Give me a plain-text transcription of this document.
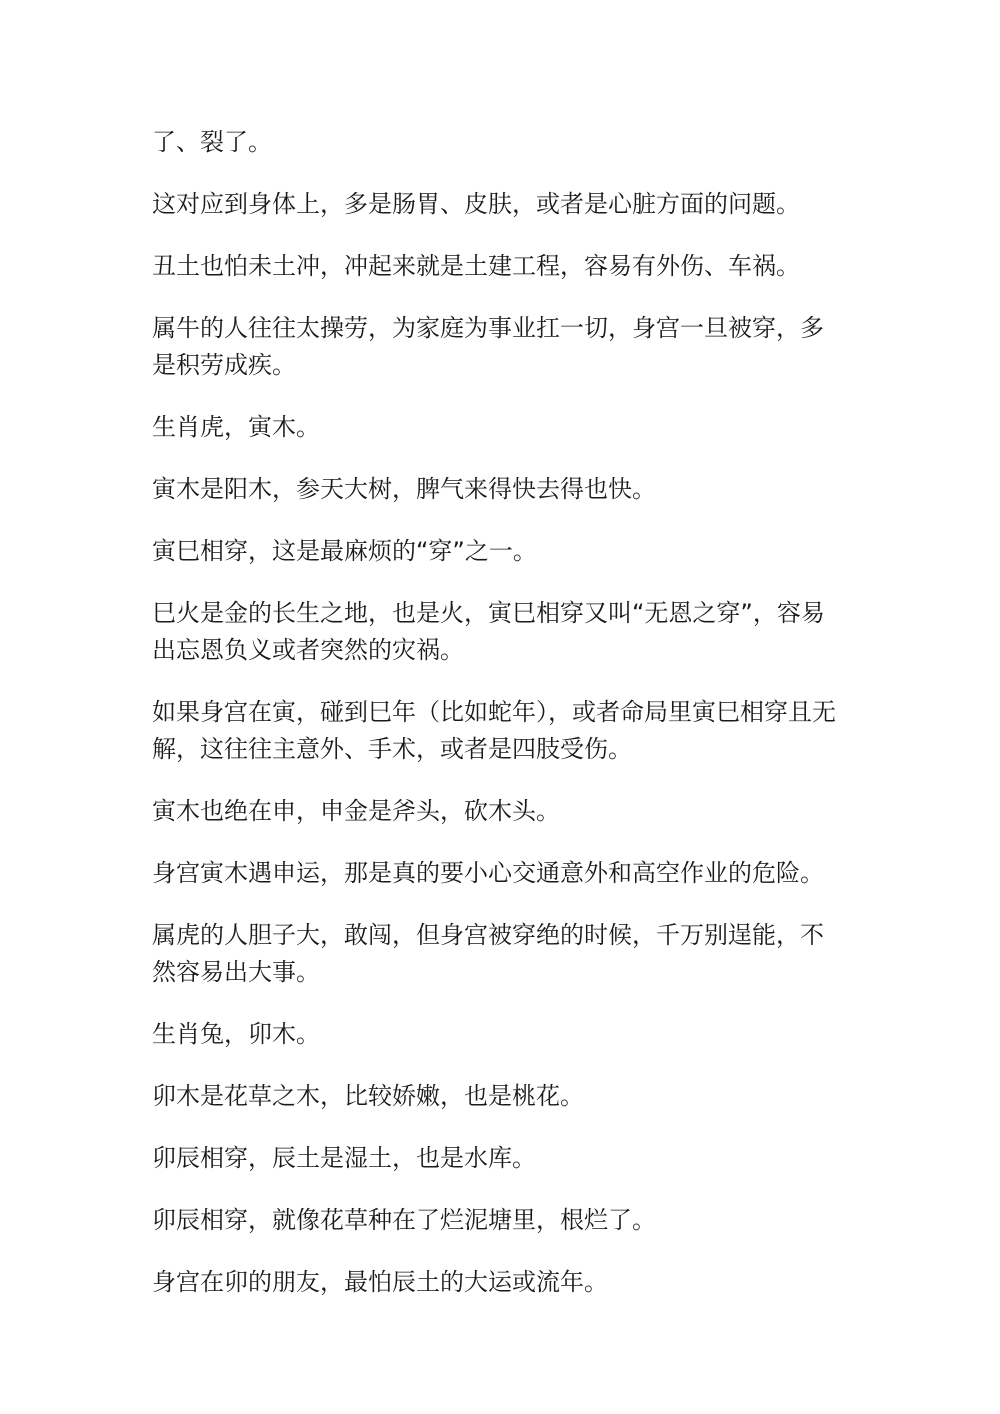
了、裂了。

这对应到身体上，多是肠胃、皮肤，或者是心脏方面的问题。

丑土也怕未土冲，冲起来就是土建工程，容易有外伤、车祸。

属牛的人往往太操劳，为家庭为事业扛一切，身宫一旦被穿，多是积劳成疾。

生肖虎，寅木。

寅木是阳木，参天大树，脾气来得快去得也快。

寅巳相穿，这是最麻烦的“穿”之一。

巳火是金的长生之地，也是火，寅巳相穿又叫“无恩之穿”，容易出忘恩负义或者突然的灾祸。

如果身宫在寅，碰到巳年（比如蛇年），或者命局里寅巳相穿且无解，这往往主意外、手术，或者是四肢受伤。

寅木也绝在申，申金是斧头，砍木头。

身宫寅木遇申运，那是真的要小心交通意外和高空作业的危险。

属虎的人胆子大，敢闯，但身宫被穿绝的时候，千万别逞能，不然容易出大事。

生肖兔，卯木。

卯木是花草之木，比较娇嫩，也是桃花。

卯辰相穿，辰土是湿土，也是水库。

卯辰相穿，就像花草种在了烂泥塘里，根烂了。

身宫在卯的朋友，最怕辰土的大运或流年。
